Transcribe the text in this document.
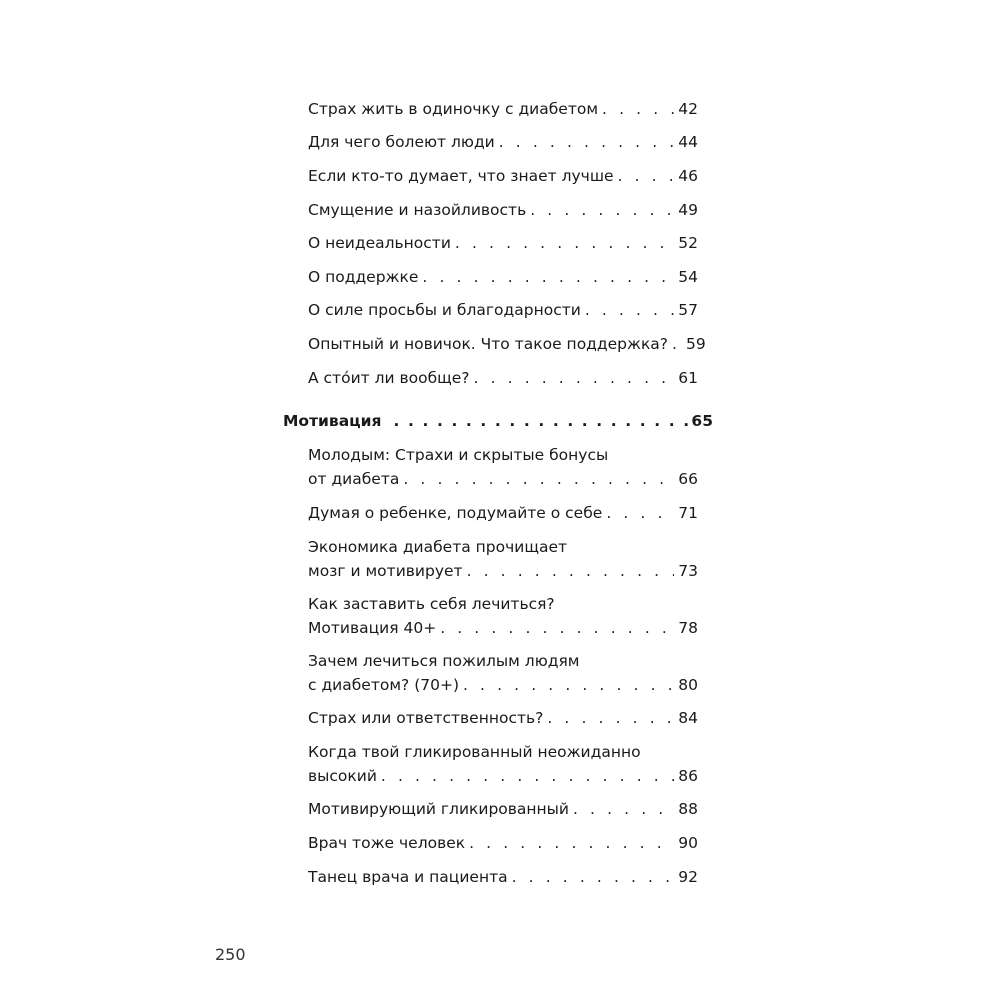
Страх жить в одиночку с диабетом . . .	42
Для чего болеют люди . . .	44
Если кто-то думает, что знает лучше . . .	46
Смущение и назойливость . . .	49
О неидеальности . . .	52
О поддержке . . .	54
О силе просьбы и благодарности . . .	57
Опытный и новичок. Что такое поддержка? . . . 59
А сто́ит ли вообще? . . .	61
Мотивация . . .	65
Молодым: Страхи и скрытые бонусы
от диабета . . .	66
Думая о ребенке, подумайте о себе . . .	71
Экономика диабета прочищает
мозг и мотивирует . . .	73
Как заставить себя лечиться?
Мотивация 40+ . . .	78
Зачем лечиться пожилым людям
с диабетом? (70+) . . .	80
Страх или ответственность? . . .	84
Когда твой гликированный неожиданно
высокий . . .	86
Мотивирующий гликированный . . .	88
Врач тоже человек . . .	90
Танец врача и пациента . . .	92
250
